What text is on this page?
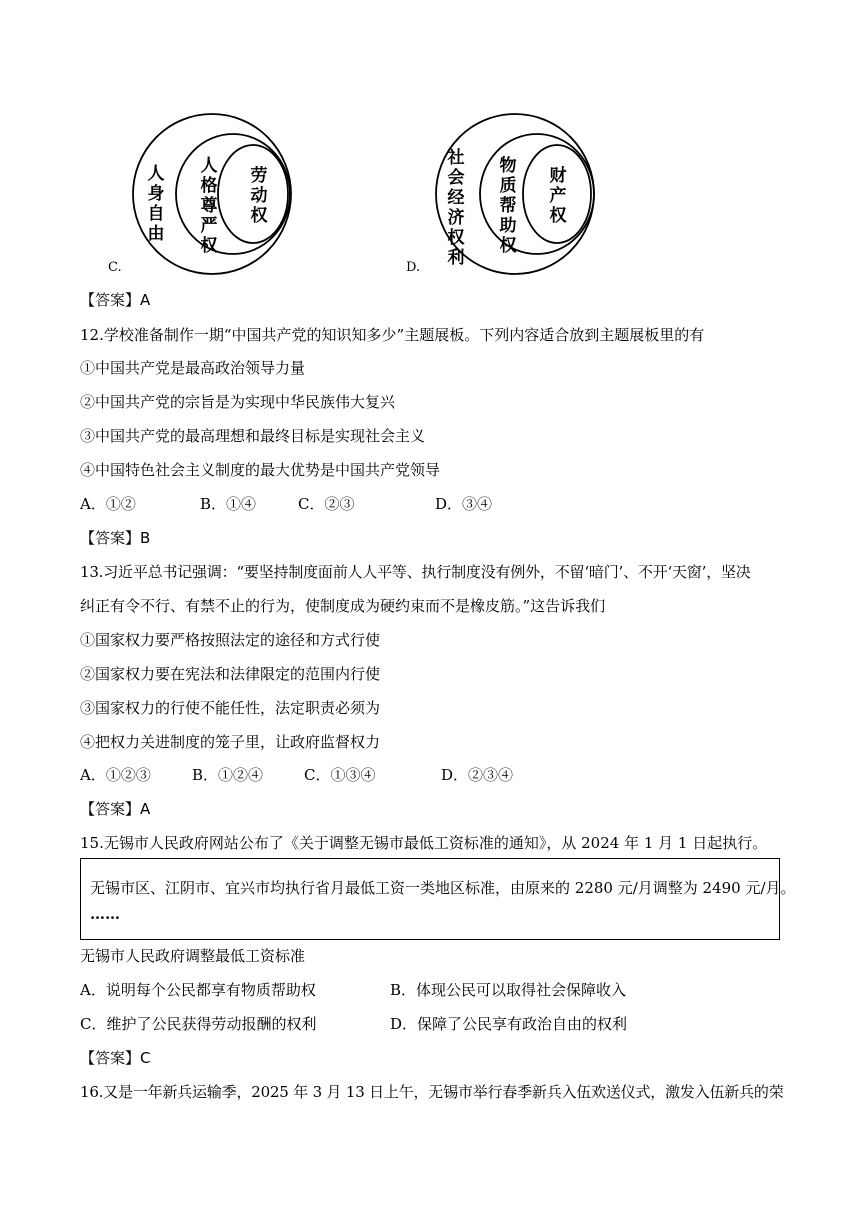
人身自由
人格尊严权
劳动权
C.
社会经济权利
物质帮助权
财产权
D.
【答案】A
12.学校准备制作一期“中国共产党的知识知多少”主题展板。下列内容适合放到主题展板里的有
①中国共产党是最高政治领导力量
②中国共产党的宗旨是为实现中华民族伟大复兴
③中国共产党的最高理想和最终目标是实现社会主义
④中国特色社会主义制度的最大优势是中国共产党领导
A．①②	B．①④	C．②③	D．③④
【答案】B
13.习近平总书记强调：“要坚持制度面前人人平等、执行制度没有例外，不留‘暗门’、不开‘天窗’，坚决
纠正有令不行、有禁不止的行为，使制度成为硬约束而不是橡皮筋。”这告诉我们
①国家权力要严格按照法定的途径和方式行使
②国家权力要在宪法和法律限定的范围内行使
③国家权力的行使不能任性，法定职责必须为
④把权力关进制度的笼子里，让政府监督权力
A．①②③	B．①②④	C．①③④	D．②③④
【答案】A
15.无锡市人民政府网站公布了《关于调整无锡市最低工资标准的通知》，从 2024 年 1 月 1 日起执行。
无锡市区、江阴市、宜兴市均执行省月最低工资一类地区标准，由原来的 2280 元/月调整为 2490 元/月。
……
无锡市人民政府调整最低工资标准
A．说明每个公民都享有物质帮助权	B．体现公民可以取得社会保障收入
C．维护了公民获得劳动报酬的权利	D．保障了公民享有政治自由的权利
【答案】C
16.又是一年新兵运输季，2025 年 3 月 13 日上午，无锡市举行春季新兵入伍欢送仪式，激发入伍新兵的荣
